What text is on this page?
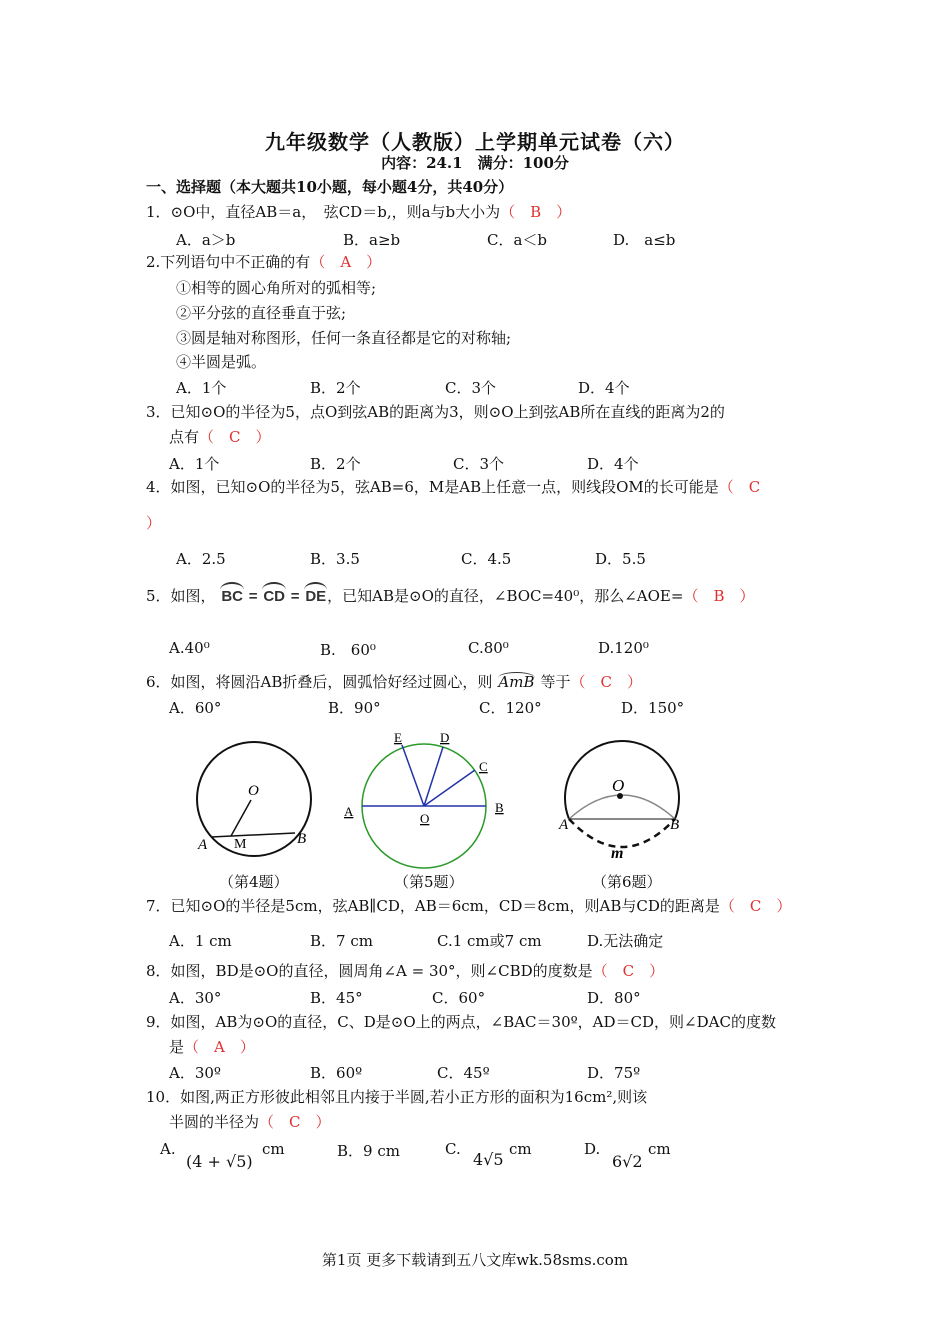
九年级数学（人教版）上学期单元试卷（六）
内容：24.1　满分：100分
一、选择题（本大题共10小题，每小题4分，共40分）
1．⊙O中，直径AB＝a，　弦CD＝b,，则a与b大小为（　B　）
A．a＞b	B．a≥b	C．a＜b	D.　a≤b
2.下列语句中不正确的有（　A　）
①相等的圆心角所对的弧相等;
②平分弦的直径垂直于弦;
③圆是轴对称图形，任何一条直径都是它的对称轴;
④半圆是弧。
A．1个	B．2个	C．3个	D．4个
3．已知⊙O的半径为5，点O到弦AB的距离为3，则⊙O上到弦AB所在直线的距离为2的
点有（　C　）
A．1个	B．2个	C．3个	D．4个
4．如图，已知⊙O的半径为5，弦AB=6，M是AB上任意一点，则线段OM的长可能是（　C
）
A．2.5	B．3.5	C．4.5	D．5.5
5．如图， BC = CD = DE，已知AB是⊙O的直径，∠BOC=40⁰，那么∠AOE=（　B　）
A.40⁰	B.　60⁰	C.80⁰	D.120⁰
6．如图，将圆沿AB折叠后，圆弧恰好经过圆心，则 AmB 等于（　C　）
A．60°	B．90°	C．120°	D．150°
O
A M	B
（第4题）
E	D
C
A	O
B
（第5题）
O
A	B
m
（第6题）
7．已知⊙O的半径是5cm，弦AB∥CD，AB＝6cm，CD＝8cm，则AB与CD的距离是（　C　）
A．1 cm	B．7 cm	C.1 cm或7 cm	D.无法确定
8．如图，BD是⊙O的直径，圆周角∠A = 30°，则∠CBD的度数是（　C　）
A．30°	B．45°	C．60°	D．80°
9．如图，AB为⊙O的直径，C、D是⊙O上的两点，∠BAC＝30º，AD＝CD，则∠DAC的度数
是（　A　）
A．30º	B．60º	C．45º	D．75º
10．如图,两正方形彼此相邻且内接于半圆,若小正方形的面积为16cm²,则该
半圆的半径为（　C　）
A.
(4 + √5)
cm	B．9 cm	C.
4√5
cm	D.
6√2
cm
第1页 更多下载请到五八文库wk.58sms.com
